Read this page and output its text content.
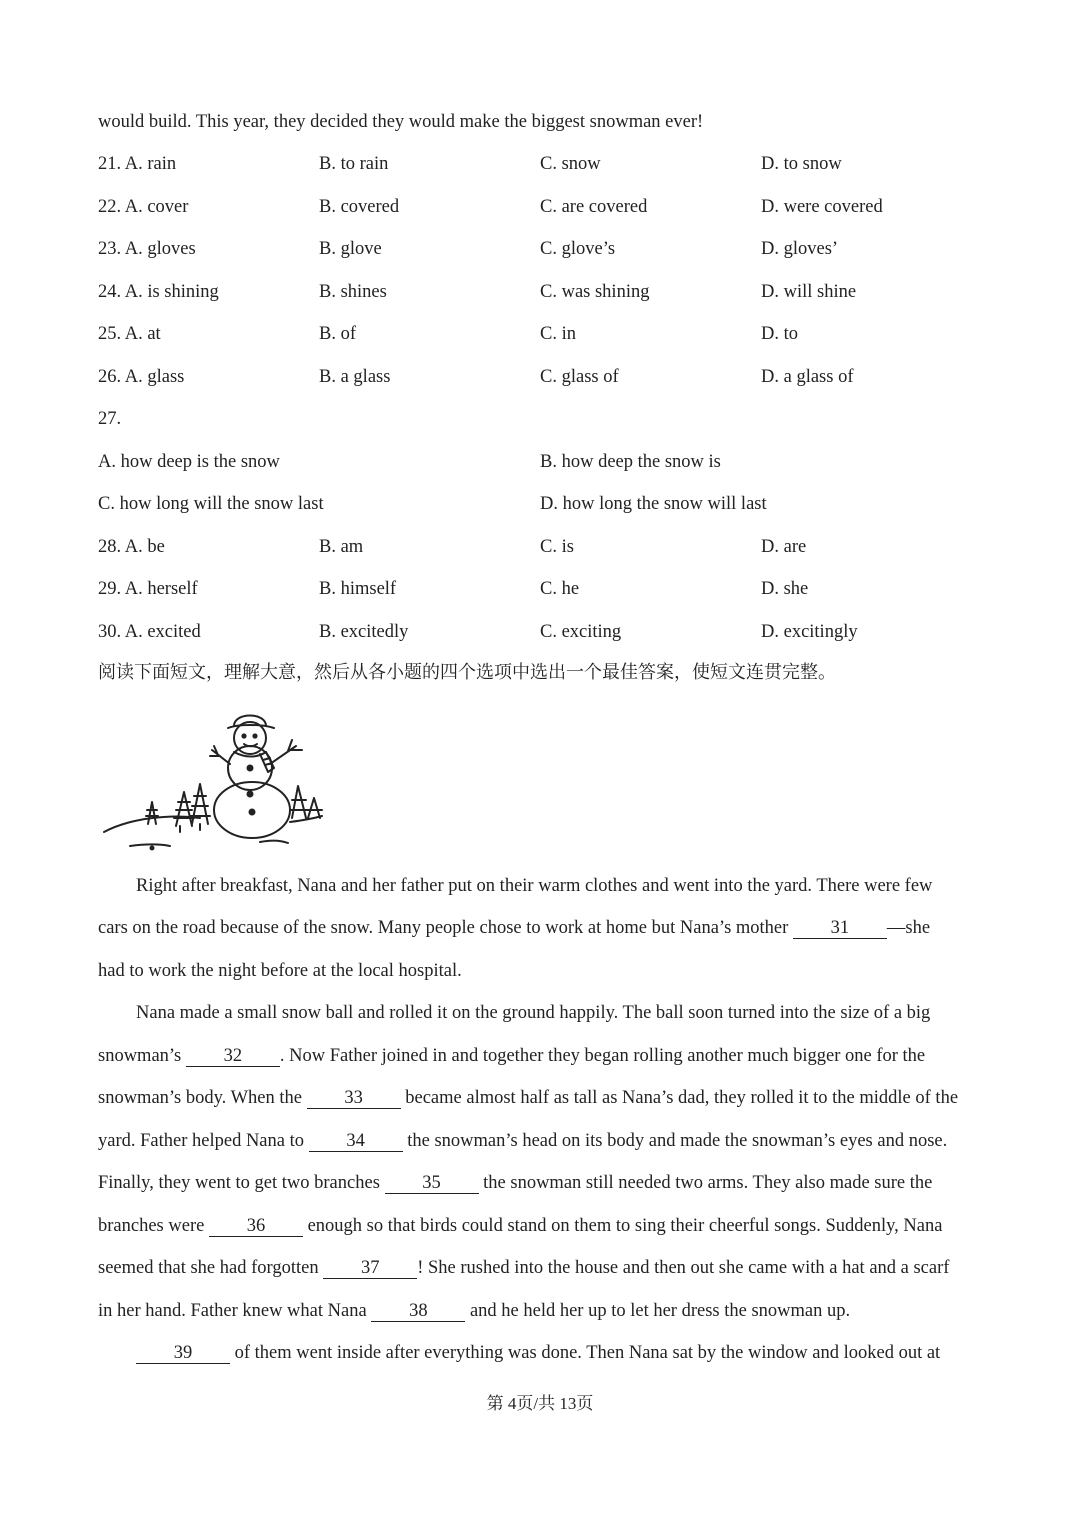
would build. This year, they decided they would make the biggest snowman ever!
21. A. rain	B. to rain	C. snow	D. to snow
22. A. cover	B. covered	C. are covered	D. were covered
23. A. gloves	B. glove	C. glove’s	D. gloves’
24. A. is shining	B. shines	C. was shining	D. will shine
25. A. at	B. of	C. in	D. to
26. A. glass	B. a glass	C. glass of	D. a glass of
27.
A. how deep is the snow	B. how deep the snow is
C. how long will the snow last	D. how long the snow will last
28. A. be	B. am	C. is	D. are
29. A. herself	B. himself	C. he	D. she
30. A. excited	B. excitedly	C. exciting	D. excitingly
阅读下面短文，理解大意，然后从各小题的四个选项中选出一个最佳答案，使短文连贯完整。
Right after breakfast, Nana and her father put on their warm clothes and went into the yard. There were few
cars on the road because of the snow. Many people chose to work at home but Nana’s mother 31 —she
had to work the night before at the local hospital.
Nana made a small snow ball and rolled it on the ground happily. The ball soon turned into the size of a big
snowman’s 32 . Now Father joined in and together they began rolling another much bigger one for the
snowman’s body. When the 33 became almost half as tall as Nana’s dad, they rolled it to the middle of the
yard. Father helped Nana to 34 the snowman’s head on its body and made the snowman’s eyes and nose.
Finally, they went to get two branches 35 the snowman still needed two arms. They also made sure the
branches were 36 enough so that birds could stand on them to sing their cheerful songs. Suddenly, Nana
seemed that she had forgotten 37 ! She rushed into the house and then out she came with a hat and a scarf
in her hand. Father knew what Nana 38 and he held her up to let her dress the snowman up.
39 of them went inside after everything was done. Then Nana sat by the window and looked out at
第 4页/共 13页
